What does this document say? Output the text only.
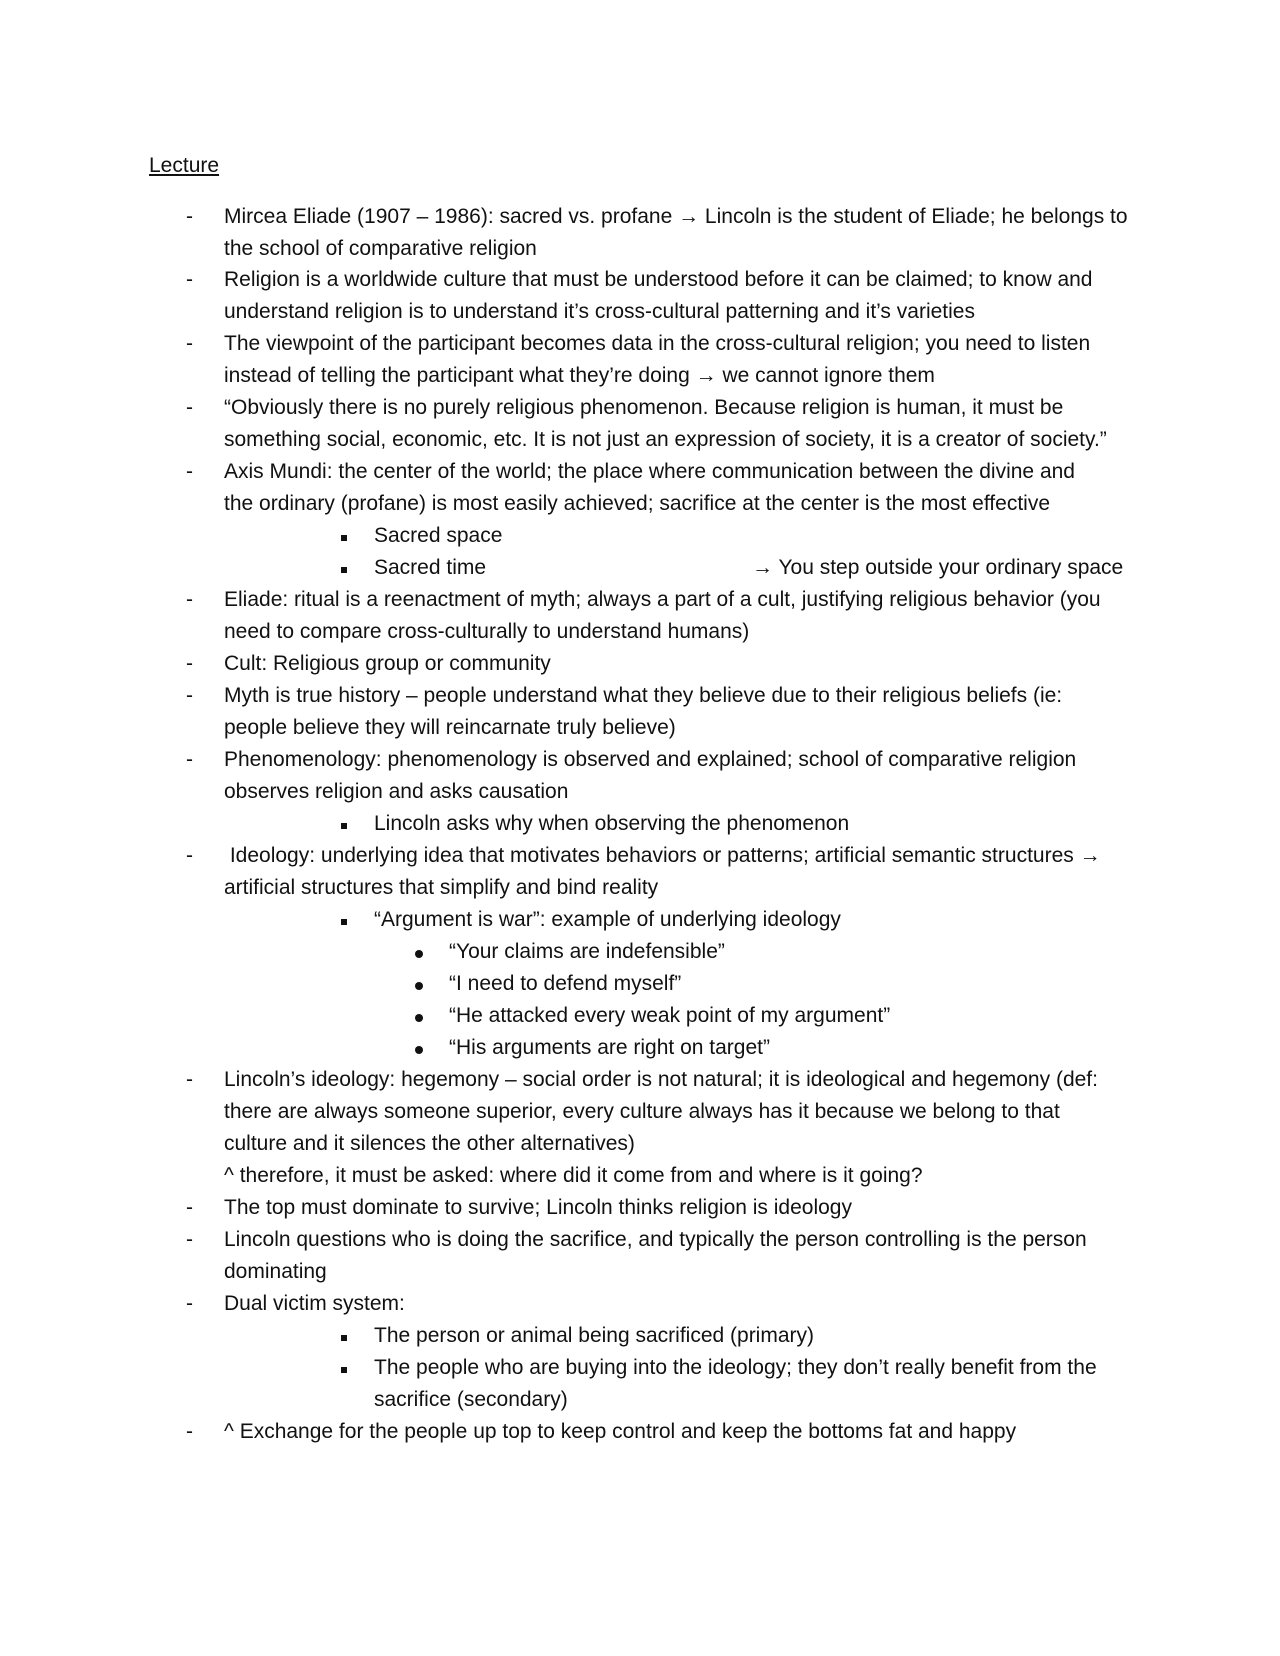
Lecture
-
-
-
-
-
-
-
-
-
-
-
-
-
-
-
Mircea Eliade (1907 – 1986): sacred vs. profane → Lincoln is the student of Eliade; he belongs to
the school of comparative religion
Religion is a worldwide culture that must be understood before it can be claimed; to know and
understand religion is to understand it’s cross-cultural patterning and it’s varieties
The viewpoint of the participant becomes data in the cross-cultural religion; you need to listen
instead of telling the participant what they’re doing → we cannot ignore them
“Obviously there is no purely religious phenomenon. Because religion is human, it must be
something social, economic, etc. It is not just an expression of society, it is a creator of society.”
Axis Mundi: the center of the world; the place where communication between the divine and
the ordinary (profane) is most easily achieved; sacrifice at the center is the most effective
Sacred space
Sacred time	→ You step outside your ordinary space
Eliade: ritual is a reenactment of myth; always a part of a cult, justifying religious behavior (you
need to compare cross-culturally to understand humans)
Cult: Religious group or community
Myth is true history – people understand what they believe due to their religious beliefs (ie:
people believe they will reincarnate truly believe)
Phenomenology: phenomenology is observed and explained; school of comparative religion
observes religion and asks causation
Lincoln asks why when observing the phenomenon
Ideology: underlying idea that motivates behaviors or patterns; artificial semantic structures →
artificial structures that simplify and bind reality
“Argument is war”: example of underlying ideology
“Your claims are indefensible”
“I need to defend myself”
“He attacked every weak point of my argument”
“His arguments are right on target”
Lincoln’s ideology: hegemony – social order is not natural; it is ideological and hegemony (def:
there are always someone superior, every culture always has it because we belong to that
culture and it silences the other alternatives)
^ therefore, it must be asked: where did it come from and where is it going?
The top must dominate to survive; Lincoln thinks religion is ideology
Lincoln questions who is doing the sacrifice, and typically the person controlling is the person
dominating
Dual victim system:
The person or animal being sacrificed (primary)
The people who are buying into the ideology; they don’t really benefit from the
sacrifice (secondary)
^ Exchange for the people up top to keep control and keep the bottoms fat and happy
